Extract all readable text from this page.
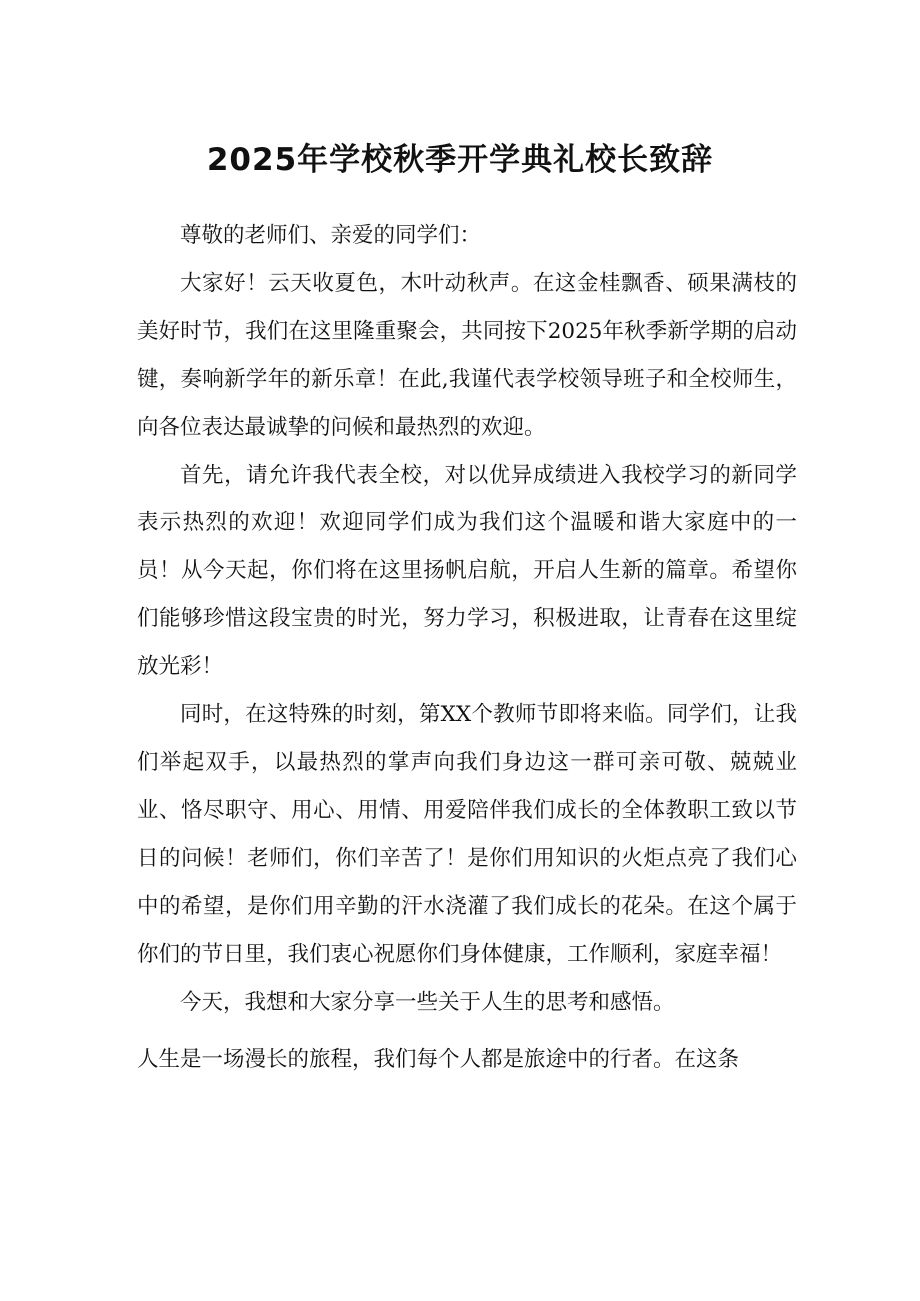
2025年学校秋季开学典礼校长致辞

尊敬的老师们、亲爱的同学们：

大家好！云天收夏色，木叶动秋声。在这金桂飘香、硕果满枝的美好时节，我们在这里隆重聚会，共同按下2025年秋季新学期的启动键，奏响新学年的新乐章！在此,我谨代表学校领导班子和全校师生，向各位表达最诚挚的问候和最热烈的欢迎。

首先，请允许我代表全校，对以优异成绩进入我校学习的新同学表示热烈的欢迎！欢迎同学们成为我们这个温暖和谐大家庭中的一员！从今天起，你们将在这里扬帆启航，开启人生新的篇章。希望你们能够珍惜这段宝贵的时光，努力学习，积极进取，让青春在这里绽放光彩！

同时，在这特殊的时刻，第XX个教师节即将来临。同学们，让我们举起双手，以最热烈的掌声向我们身边这一群可亲可敬、兢兢业业、恪尽职守、用心、用情、用爱陪伴我们成长的全体教职工致以节日的问候！老师们，你们辛苦了！是你们用知识的火炬点亮了我们心中的希望，是你们用辛勤的汗水浇灌了我们成长的花朵。在这个属于你们的节日里，我们衷心祝愿你们身体健康，工作顺利，家庭幸福！

今天，我想和大家分享一些关于人生的思考和感悟。

人生是一场漫长的旅程，我们每个人都是旅途中的行者。在这条
